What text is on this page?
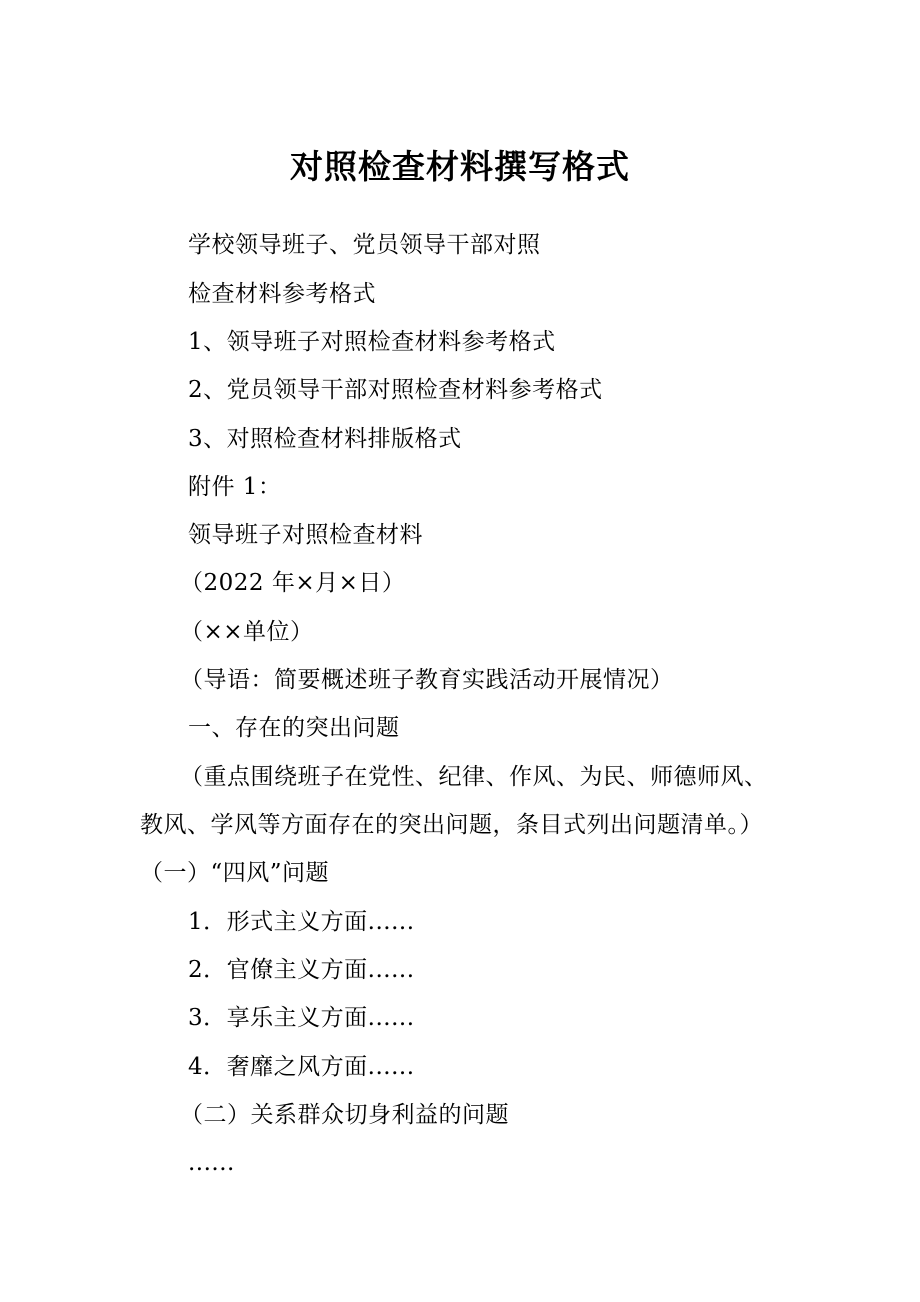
对照检查材料撰写格式
学校领导班子、党员领导干部对照
检查材料参考格式
1、领导班子对照检查材料参考格式
2、党员领导干部对照检查材料参考格式
3、对照检查材料排版格式
附件 1：
领导班子对照检查材料
（2022 年×月×日）
（××单位）
（导语：简要概述班子教育实践活动开展情况）
一、存在的突出问题
（重点围绕班子在党性、纪律、作风、为民、师德师风、
教风、学风等方面存在的突出问题，条目式列出问题清单。）
（一）“四风”问题
1．形式主义方面......
2．官僚主义方面......
3．享乐主义方面......
4．奢靡之风方面......
（二）关系群众切身利益的问题
......
